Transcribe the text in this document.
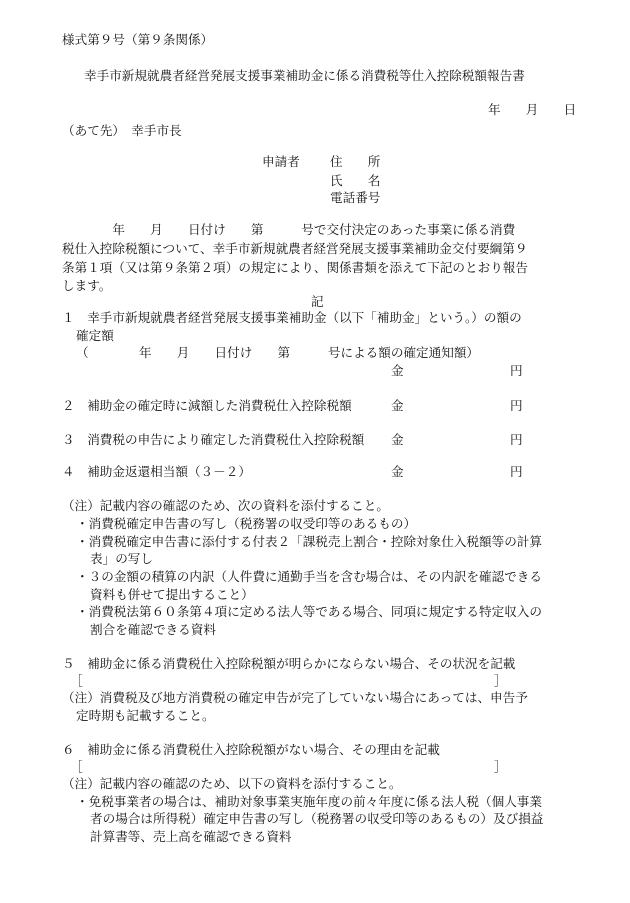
様式第９号（第９条関係）
幸手市新規就農者経営発展支援事業補助金に係る消費税等仕入控除税額報告書
年　　月　　日
（あて先）　幸手市長
申請者 住　　所
氏　　名
電話番号
　　　　年　　月　　日付け　　第　　　号で交付決定のあった事業に係る消費
税仕入控除税額について、幸手市新規就農者経営発展支援事業補助金交付要綱第９
条第１項（又は第９条第２項）の規定により、関係書類を添えて下記のとおり報告
します。
記
１　幸手市新規就農者経営発展支援事業補助金（以下「補助金」という。）の額の
確定額
（　　　　年　　月　　日付け　　第　　　号による額の確定通知額）
金	円
２　補助金の確定時に減額した消費税仕入控除税額	金	円
３　消費税の申告により確定した消費税仕入控除税額 金	円
４　補助金返還相当額（３－２）	金	円
（注）記載内容の確認のため、次の資料を添付すること。
・消費税確定申告書の写し（税務署の収受印等のあるもの）
・消費税確定申告書に添付する付表２「課税売上割合・控除対象仕入税額等の計算
表」の写し
・３の金額の積算の内訳（人件費に通勤手当を含む場合は、その内訳を確認できる
資料も併せて提出すること）
・消費税法第６０条第４項に定める法人等である場合、同項に規定する特定収入の
割合を確認できる資料
５　補助金に係る消費税仕入控除税額が明らかにならない場合、その状況を記載
［	］
（注）消費税及び地方消費税の確定申告が完了していない場合にあっては、申告予
定時期も記載すること。
６　補助金に係る消費税仕入控除税額がない場合、その理由を記載
［	］
（注）記載内容の確認のため、以下の資料を添付すること。
・免税事業者の場合は、補助対象事業実施年度の前々年度に係る法人税（個人事業
者の場合は所得税）確定申告書の写し（税務署の収受印等のあるもの）及び損益
計算書等、売上高を確認できる資料
